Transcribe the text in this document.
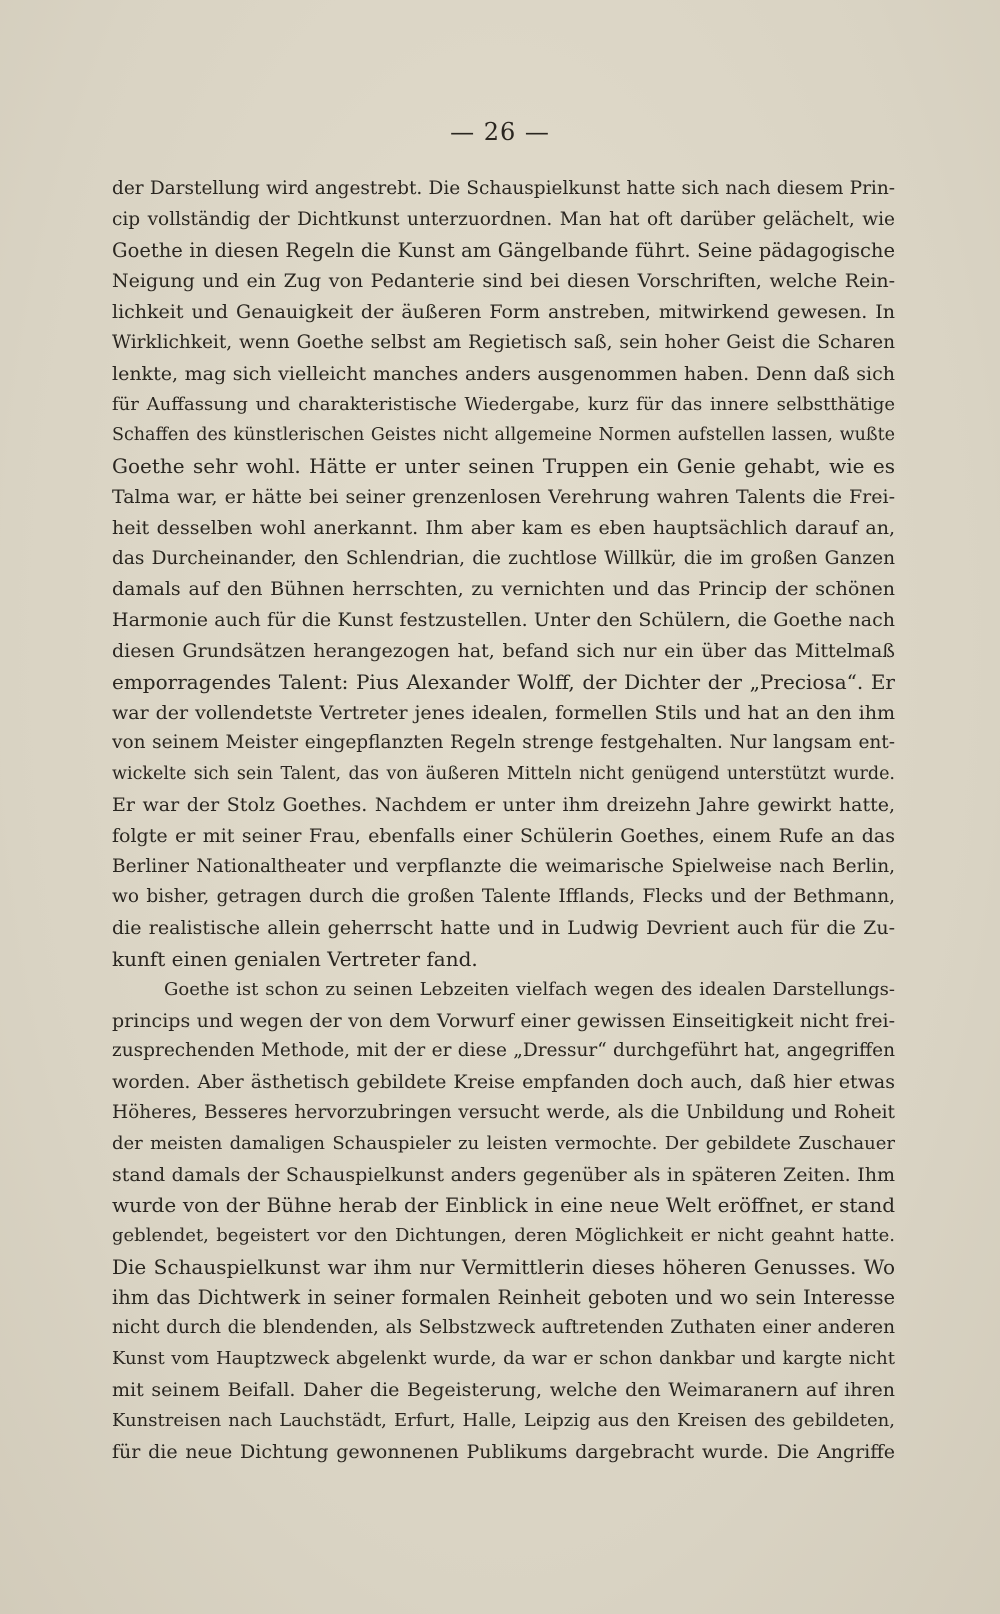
— 26 —
der Darstellung wird angestrebt. Die Schauspielkunst hatte sich nach diesem Prin-
cip vollständig der Dichtkunst unterzuordnen. Man hat oft darüber gelächelt, wie
Goethe in diesen Regeln die Kunst am Gängelbande führt. Seine pädagogische
Neigung und ein Zug von Pedanterie sind bei diesen Vorschriften, welche Rein-
lichkeit und Genauigkeit der äußeren Form anstreben, mitwirkend gewesen. In
Wirklichkeit, wenn Goethe selbst am Regietisch saß, sein hoher Geist die Scharen
lenkte, mag sich vielleicht manches anders ausgenommen haben. Denn daß sich
für Auffassung und charakteristische Wiedergabe, kurz für das innere selbstthätige
Schaffen des künstlerischen Geistes nicht allgemeine Normen aufstellen lassen, wußte
Goethe sehr wohl. Hätte er unter seinen Truppen ein Genie gehabt, wie es
Talma war, er hätte bei seiner grenzenlosen Verehrung wahren Talents die Frei-
heit desselben wohl anerkannt. Ihm aber kam es eben hauptsächlich darauf an,
das Durcheinander, den Schlendrian, die zuchtlose Willkür, die im großen Ganzen
damals auf den Bühnen herrschten, zu vernichten und das Princip der schönen
Harmonie auch für die Kunst festzustellen. Unter den Schülern, die Goethe nach
diesen Grundsätzen herangezogen hat, befand sich nur ein über das Mittelmaß
emporragendes Talent: Pius Alexander Wolff, der Dichter der „Preciosa“. Er
war der vollendetste Vertreter jenes idealen, formellen Stils und hat an den ihm
von seinem Meister eingepflanzten Regeln strenge festgehalten. Nur langsam ent-
wickelte sich sein Talent, das von äußeren Mitteln nicht genügend unterstützt wurde.
Er war der Stolz Goethes. Nachdem er unter ihm dreizehn Jahre gewirkt hatte,
folgte er mit seiner Frau, ebenfalls einer Schülerin Goethes, einem Rufe an das
Berliner Nationaltheater und verpflanzte die weimarische Spielweise nach Berlin,
wo bisher, getragen durch die großen Talente Ifflands, Flecks und der Bethmann,
die realistische allein geherrscht hatte und in Ludwig Devrient auch für die Zu-
kunft einen genialen Vertreter fand.
Goethe ist schon zu seinen Lebzeiten vielfach wegen des idealen Darstellungs-
princips und wegen der von dem Vorwurf einer gewissen Einseitigkeit nicht frei-
zusprechenden Methode, mit der er diese „Dressur“ durchgeführt hat, angegriffen
worden. Aber ästhetisch gebildete Kreise empfanden doch auch, daß hier etwas
Höheres, Besseres hervorzubringen versucht werde, als die Unbildung und Roheit
der meisten damaligen Schauspieler zu leisten vermochte. Der gebildete Zuschauer
stand damals der Schauspielkunst anders gegenüber als in späteren Zeiten. Ihm
wurde von der Bühne herab der Einblick in eine neue Welt eröffnet, er stand
geblendet, begeistert vor den Dichtungen, deren Möglichkeit er nicht geahnt hatte.
Die Schauspielkunst war ihm nur Vermittlerin dieses höheren Genusses. Wo
ihm das Dichtwerk in seiner formalen Reinheit geboten und wo sein Interesse
nicht durch die blendenden, als Selbstzweck auftretenden Zuthaten einer anderen
Kunst vom Hauptzweck abgelenkt wurde, da war er schon dankbar und kargte nicht
mit seinem Beifall. Daher die Begeisterung, welche den Weimaranern auf ihren
Kunstreisen nach Lauchstädt, Erfurt, Halle, Leipzig aus den Kreisen des gebildeten,
für die neue Dichtung gewonnenen Publikums dargebracht wurde. Die Angriffe
